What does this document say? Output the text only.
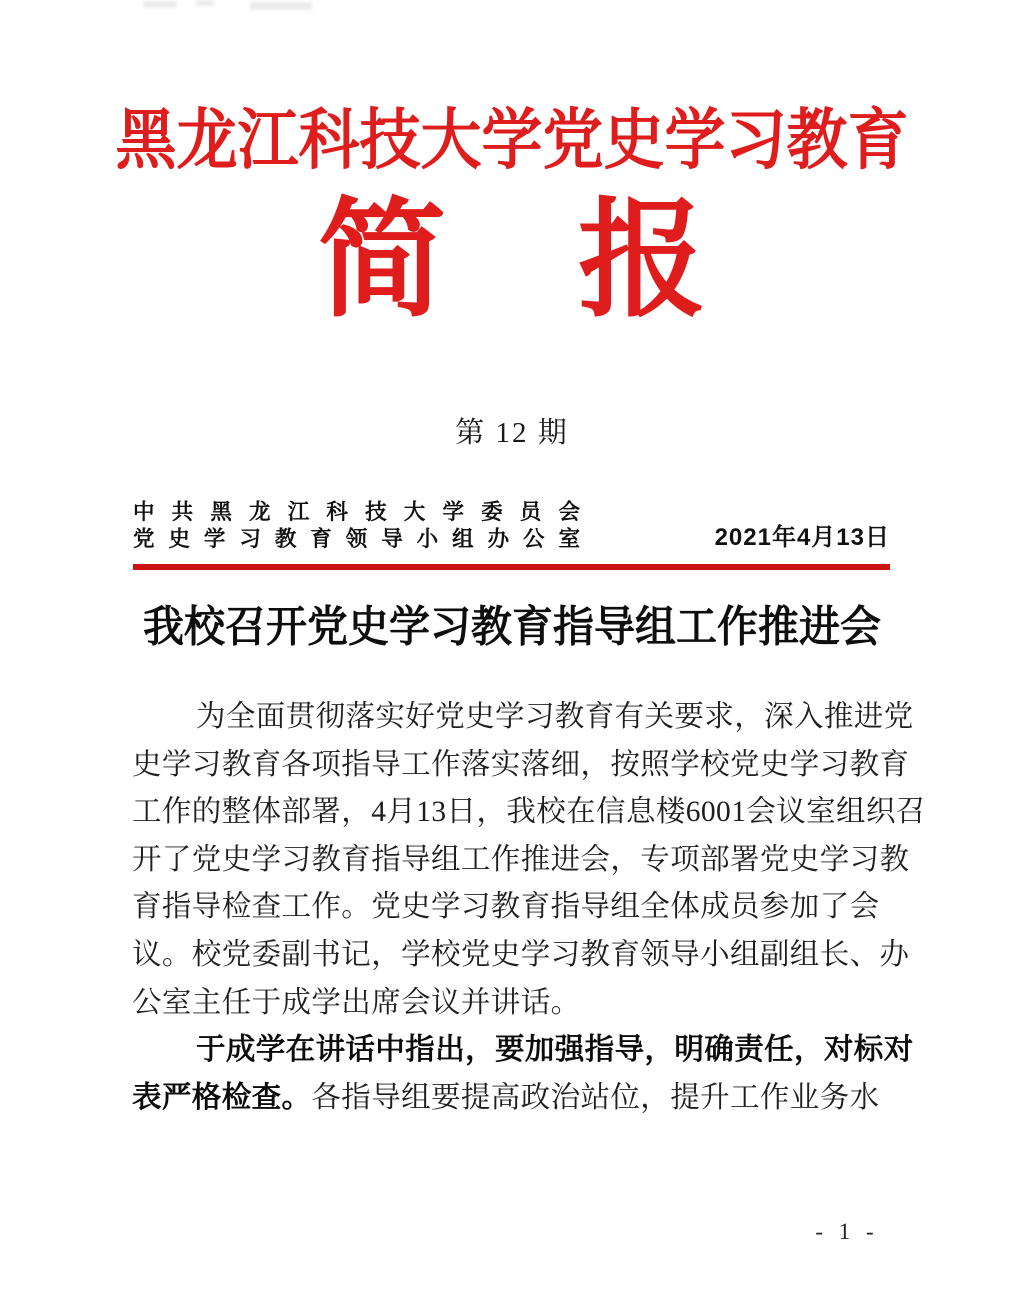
黑龙江科技大学党史学习教育
简 报
第 12 期
中共黑龙江科技大学委员会
党史学习教育领导小组办公室	2021年4月13日
我校召开党史学习教育指导组工作推进会
为全面贯彻落实好党史学习教育有关要求，深入推进党
史学习教育各项指导工作落实落细，按照学校党史学习教育
工作的整体部署，4月13日，我校在信息楼6001会议室组织召
开了党史学习教育指导组工作推进会，专项部署党史学习教
育指导检查工作。党史学习教育指导组全体成员参加了会
议。校党委副书记，学校党史学习教育领导小组副组长、办
公室主任于成学出席会议并讲话。
于成学在讲话中指出，要加强指导，明确责任，对标对
表严格检查。各指导组要提高政治站位，提升工作业务水
- 1 -
